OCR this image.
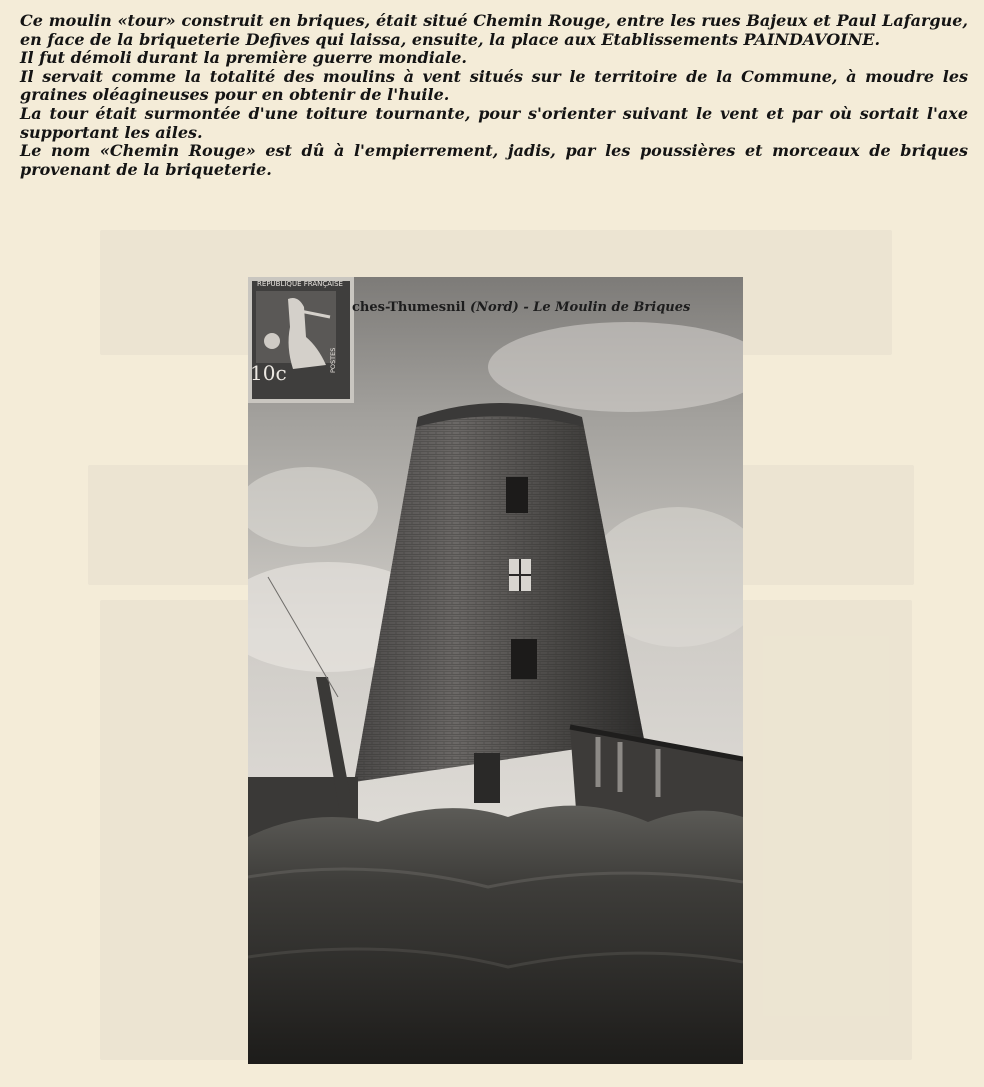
Ce moulin «tour» construit en briques, était situé Chemin Rouge, entre les rues Bajeux et Paul Lafargue, en face de la briqueterie Defives qui laissa, ensuite, la place aux Etablissements PAINDAVOINE.

Il fut démoli durant la première guerre mondiale.

Il servait comme la totalité des moulins à vent situés sur le territoire de la Commune, à moudre les graines oléagineuses pour en obtenir de l'huile.

La tour était surmontée d'une toiture tournante, pour s'orienter suivant le vent et par où sortait l'axe supportant les ailes.

Le nom «Chemin Rouge» est dû à l'empierrement, jadis, par les poussières et morceaux de briques provenant de la briqueterie.

REPUBLIQUE FRANÇAISE
10c	POSTES
ches-Thumesnil (Nord) - Le Moulin de Briques
